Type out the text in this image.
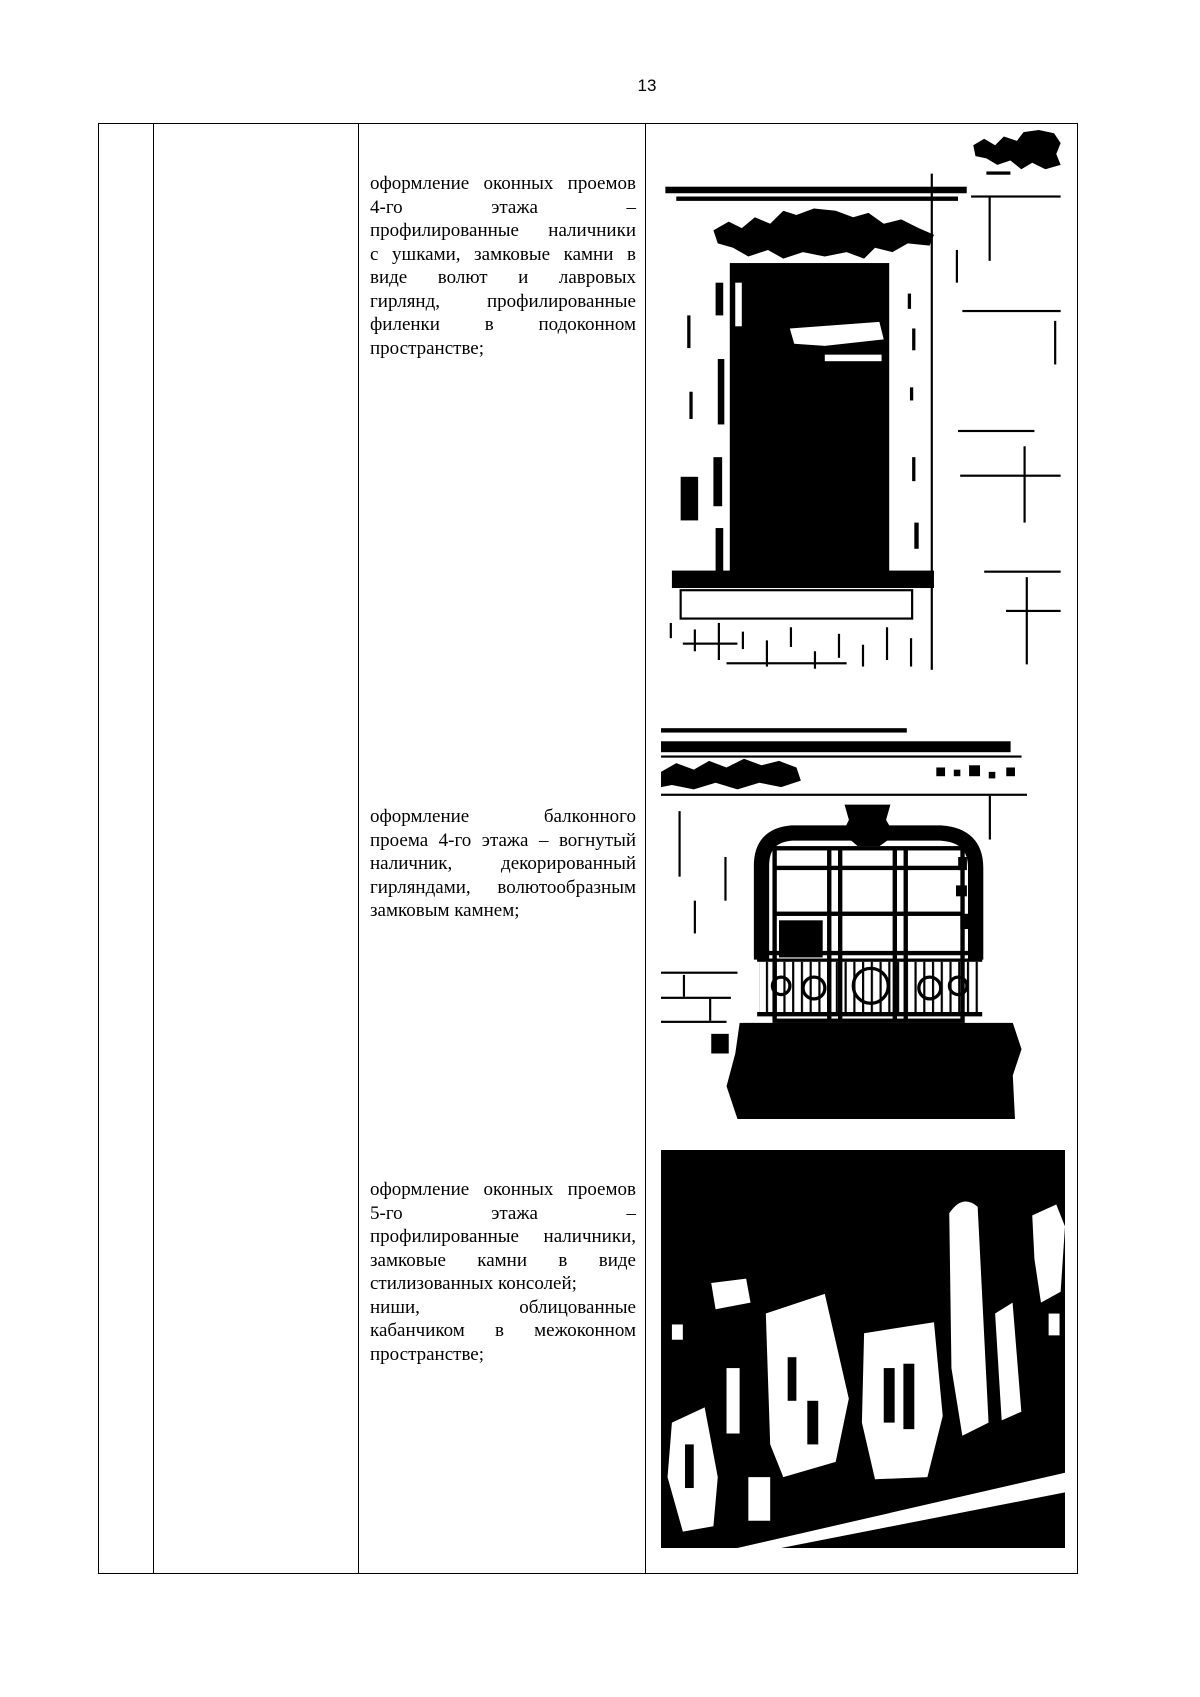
13
оформление оконных проемов
4-го этажа –
профилированные наличники
с ушками, замковые камни в
виде волют и лавровых
гирлянд, профилированные
филенки в подоконном
пространстве;
оформление балконного
проема 4-го этажа – вогнутый
наличник, декорированный
гирляндами, волютообразным
замковым камнем;
оформление оконных проемов
5-го этажа –
профилированные наличники,
замковые камни в виде
стилизованных консолей;
ниши, облицованные
кабанчиком в межоконном
пространстве;
